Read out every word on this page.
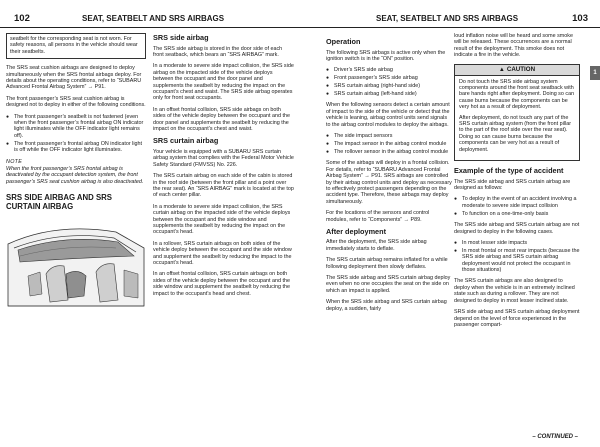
102	SEAT, SEATBELT AND SRS AIRBAGS
seatbelt for the corresponding seat is not worn. For safety reasons, all persons in the vehicle should wear their seatbelts.

The SRS seat cushion airbags are designed to deploy simultaneously when the SRS frontal airbags deploy. For details about the operating conditions, refer to “SUBARU Advanced Frontal Airbag System” → P91.

The front passenger’s SRS seat cushion airbag is designed not to deploy in either of the following conditions.

● The front passenger’s seatbelt is not fastened (even when the front passenger’s frontal airbag ON indicator light illuminates while the OFF indicator light remains off).
● The front passenger’s frontal airbag ON indicator light is off while the OFF indicator light illuminates.
NOTE

When the front passenger’s SRS frontal airbag is deactivated by the occupant detection system, the front passenger’s SRS seat cushion airbag is also deactivated.

SRS SIDE AIRBAG AND SRS CURTAIN AIRBAG
SRS side airbag

The SRS side airbag is stored in the door side of each front seatback, which bears an “SRS AIRBAG” mark.

In a moderate to severe side impact collision, the SRS side airbag on the impacted side of the vehicle deploys between the occupant and the door panel and supplements the seatbelt by reducing the impact on the occupant’s chest and waist. The SRS side airbag operates only for front seat occupants.

In an offset frontal collision, SRS side airbags on both sides of the vehicle deploy between the occupant and the door panel and supplements the seatbelt by reducing the impact on the occupant’s chest and waist.

SRS curtain airbag

Your vehicle is equipped with a SUBARU SRS curtain airbag system that complies with the Federal Motor Vehicle Safety Standard (FMVSS) No. 226.

The SRS curtain airbag on each side of the cabin is stored in the roof side (between the front pillar and a point over the rear seat). An “SRS AIRBAG” mark is located at the top of each center pillar.

In a moderate to severe side impact collision, the SRS curtain airbag on the impacted side of the vehicle deploys between the occupant and the side window and supplements the seatbelt by reducing the impact on the occupant’s head.

In a rollover, SRS curtain airbags on both sides of the vehicle deploy between the occupant and the side window and supplement the seatbelt by reducing the impact to the occupant’s head.

In an offset frontal collision, SRS curtain airbags on both sides of the vehicle deploy between the occupant and the side window and supplement the seatbelt by reducing the impact to the occupant’s head and chest.

SEAT, SEATBELT AND SRS AIRBAGS	103
1
Operation

The following SRS airbags is active only when the ignition switch is in the “ON” position.

● Driver’s SRS side airbag
● Front passenger’s SRS side airbag
● SRS curtain airbag (right-hand side)
● SRS curtain airbag (left-hand side)

When the following sensors detect a certain amount of impact to the side of the vehicle or detect that the vehicle is leaning, airbag control units send signals to the airbag control modules to deploy the airbags.

● The side impact sensors
● The impact sensor in the airbag control module
● The rollover sensor in the airbag control module

Some of the airbags will deploy in a frontal collision. For details, refer to “SUBARU Advanced Frontal Airbag System” → P91. SRS airbags are controlled by their airbag control units and deploy as necessary to effectively protect passengers depending on the accident type. Therefore, these airbags may deploy simultaneously.

For the locations of the sensors and control modules, refer to “Components” → P89.

After deployment

After the deployment, the SRS side airbag immediately starts to deflate.

The SRS curtain airbag remains inflated for a while following deployment then slowly deflates.

The SRS side airbag and SRS curtain airbag deploy even when no one occupies the seat on the side on which an impact is applied.

When the SRS side airbag and SRS curtain airbag deploy, a sudden, fairly

loud inflation noise will be heard and some smoke will be released. These occurrences are a normal result of the deployment. This smoke does not indicate a fire in the vehicle.

▲ CAUTION

Do not touch the SRS side airbag system components around the front seat seatback with bare hands right after deployment. Doing so can cause burns because the components can be very hot as a result of deployment.

After deployment, do not touch any part of the SRS curtain airbag system (from the front pillar to the part of the roof side over the rear seat). Doing so can cause burns because the components can be very hot as a result of deployment.

Example of the type of accident

The SRS side airbag and SRS curtain airbag are designed as follows:

● To deploy in the event of an accident involving a moderate to severe side impact collision
● To function on a one-time-only basis

The SRS side airbag and SRS curtain airbag are not designed to deploy in the following cases.

● In most lesser side impacts
● In most frontal or most rear impacts (because the SRS side airbag and SRS curtain airbag deployment would not protect the occupant in those situations)

The SRS curtain airbags are also designed to deploy when the vehicle is in an extremely inclined state such as during a rollover. They are not designed to deploy in most lesser inclined state.

SRS side airbag and SRS curtain airbag deployment depend on the level of force experienced in the passenger compart-

– CONTINUED –
